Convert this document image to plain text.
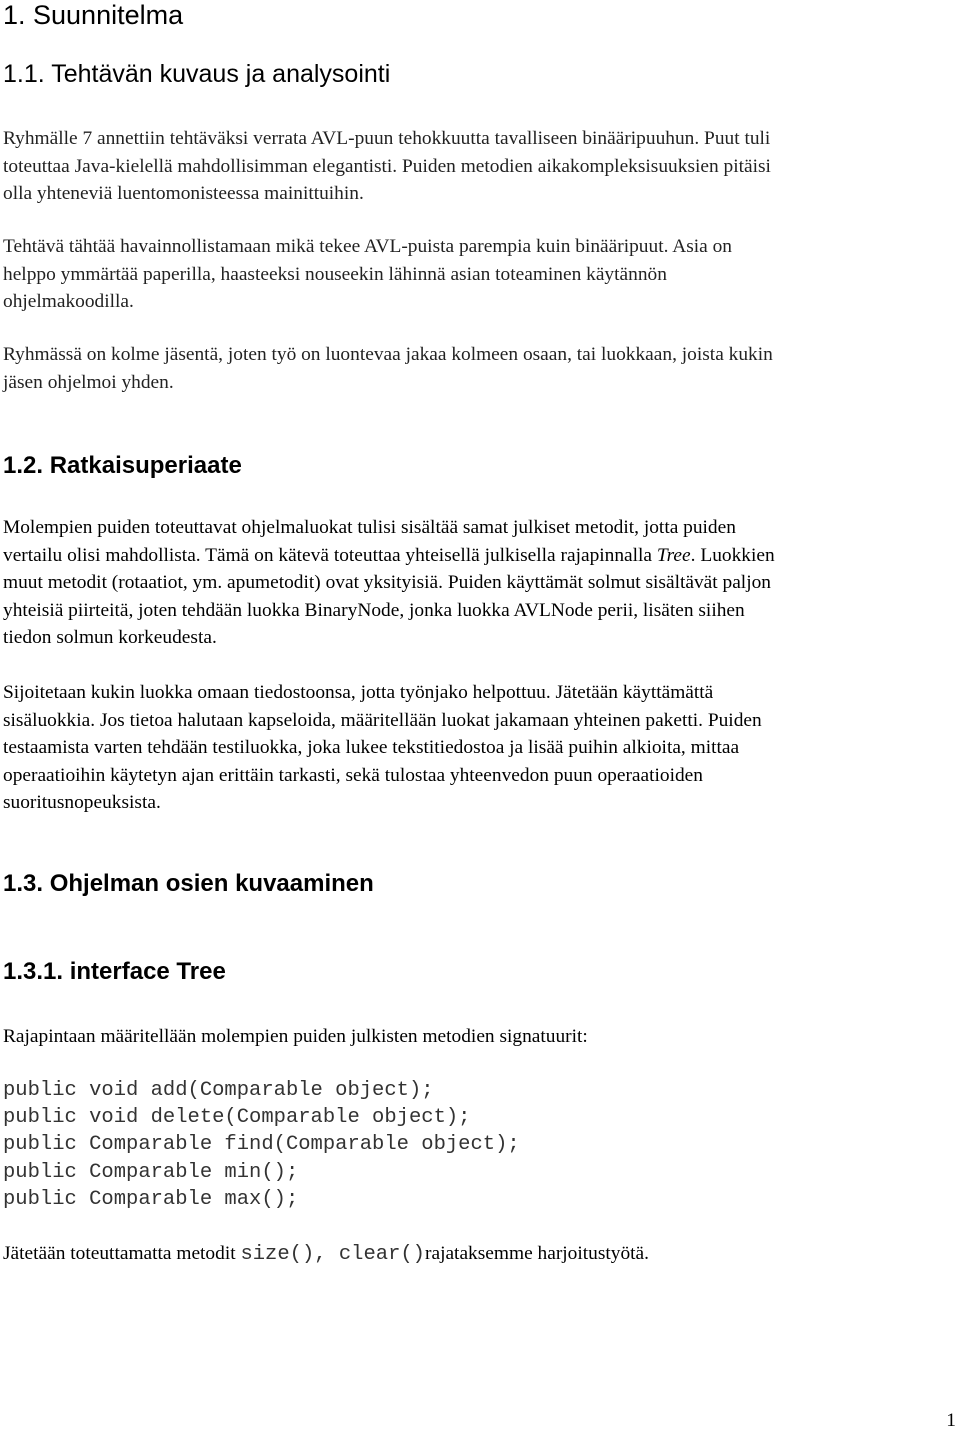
1. Suunnitelma
1.1. Tehtävän kuvaus ja analysointi

Ryhmälle 7 annettiin tehtäväksi verrata AVL-puun tehokkuutta tavalliseen binääripuuhun. Puut tuli
toteuttaa Java-kielellä mahdollisimman elegantisti. Puiden metodien aikakompleksisuuksien pitäisi
olla yhteneviä luentomonisteessa mainittuihin.

Tehtävä tähtää havainnollistamaan mikä tekee AVL-puista parempia kuin binääripuut. Asia on
helppo ymmärtää paperilla, haasteeksi nouseekin lähinnä asian toteaminen käytännön
ohjelmakoodilla.

Ryhmässä on kolme jäsentä, joten työ on luontevaa jakaa kolmeen osaan, tai luokkaan, joista kukin
jäsen ohjelmoi yhden.

1.2. Ratkaisuperiaate

Molempien puiden toteuttavat ohjelmaluokat tulisi sisältää samat julkiset metodit, jotta puiden
vertailu olisi mahdollista. Tämä on kätevä toteuttaa yhteisellä julkisella rajapinnalla Tree. Luokkien
muut metodit (rotaatiot, ym. apumetodit) ovat yksityisiä. Puiden käyttämät solmut sisältävät paljon
yhteisiä piirteitä, joten tehdään luokka BinaryNode, jonka luokka AVLNode perii, lisäten siihen
tiedon solmun korkeudesta.

Sijoitetaan kukin luokka omaan tiedostoonsa, jotta työnjako helpottuu. Jätetään käyttämättä
sisäluokkia. Jos tietoa halutaan kapseloida, määritellään luokat jakamaan yhteinen paketti. Puiden
testaamista varten tehdään testiluokka, joka lukee tekstitiedostoa ja lisää puihin alkioita, mittaa
operaatioihin käytetyn ajan erittäin tarkasti, sekä tulostaa yhteenvedon puun operaatioiden
suoritusnopeuksista.

1.3. Ohjelman osien kuvaaminen
1.3.1. interface Tree

Rajapintaan määritellään molempien puiden julkisten metodien signatuurit:

public void add(Comparable object);
public void delete(Comparable object);
public Comparable find(Comparable object);
public Comparable min();
public Comparable max();

Jätetään toteuttamatta metodit size(), clear()rajataksemme harjoitustyötä.

1
